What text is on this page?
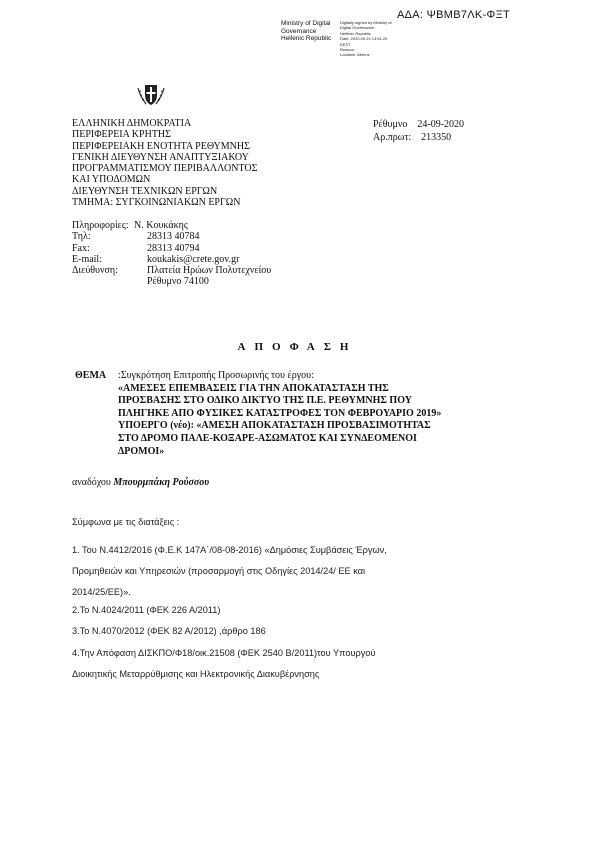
ΑΔΑ: ΨΒΜΒ7ΛΚ-ΦΞΤ
Ministry of Digital
Governance
Hellenic Republic
Digitally signed by Ministry of
Digital Governance,
Hellenic Republic
Date: 2020.09.24 13:51:20
EEST
Reason:
Location: Athens
ΕΛΛΗΝΙΚΗ ΔΗΜΟΚΡΑΤΙΑ
ΠΕΡΙΦΕΡΕΙΑ ΚΡΗΤΗΣ
ΠΕΡΙΦΕΡΕΙΑΚΗ ΕΝΟΤΗΤΑ ΡΕΘΥΜΝΗΣ
ΓΕΝΙΚΗ ΔΙΕΥΘΥΝΣΗ ΑΝΑΠΤΥΞΙΑΚΟΥ
ΠΡΟΓΡΑΜΜΑΤΙΣΜΟΥ ΠΕΡΙΒΑΛΛΟΝΤΟΣ
ΚΑΙ ΥΠΟΔΟΜΩΝ
ΔΙΕΥΘΥΝΣΗ ΤΕΧΝΙΚΩΝ ΕΡΓΩΝ
ΤΜΗΜΑ: ΣΥΓΚΟΙΝΩΝΙΑΚΩΝ ΕΡΓΩΝ
Πληροφορίες: Ν. Κουκάκης
Τηλ:	28313 40784
Fax:	28313 40794
E-mail:	koukakis@crete.gov.gr
Διεύθυνση:	Πλατεία Ηρώων Πολυτεχνείου
Ρέθυμνο 74100
Ρέθυμνο 24-09-2020
Αρ.πρωτ: 213350
ΑΠΟΦΑΣΗ
ΘΕΜΑ :Συγκρότηση Επιτροπής Προσωρινής του έργου:
«ΑΜΕΣΕΣ ΕΠΕΜΒΑΣΕΙΣ ΓΙΑ ΤΗΝ ΑΠΟΚΑΤΑΣΤΑΣΗ ΤΗΣ
ΠΡΟΣΒΑΣΗΣ ΣΤΟ ΟΔΙΚΟ ΔΙΚΤΥΟ ΤΗΣ Π.Ε. ΡΕΘΥΜΝΗΣ ΠΟΥ
ΠΛΗΓΗΚΕ ΑΠΟ ΦΥΣΙΚΕΣ ΚΑΤΑΣΤΡΟΦΕΣ ΤΟΝ ΦΕΒΡΟΥΑΡΙΟ 2019»
ΥΠΟΕΡΓΟ (νέο): «ΑΜΕΣΗ ΑΠΟΚΑΤΑΣΤΑΣΗ ΠΡΟΣΒΑΣΙΜΟΤΗΤΑΣ
ΣΤΟ ΔΡΟΜΟ ΠΑΛΕ-ΚΟΞΑΡΕ-ΑΣΩΜΑΤΟΣ ΚΑΙ ΣΥΝΔΕΟΜΕΝΟΙ
ΔΡΟΜΟΙ»
αναδόχου Μπουρμπάκη Ρούσσου
Σύμφωνα με τις διατάξεις :
1. Του Ν.4412/2016 (Φ.Ε.Κ 147Α΄/08-08-2016) «Δημόσιες Συμβάσεις Έργων,
Προμηθειών και Υπηρεσιών (προσαρμογή στις Οδηγίες 2014/24/ ΕΕ και
2014/25/ΕΕ)».
2.Το Ν.4024/2011 (ΦΕΚ 226 Α/2011)
3.Το Ν.4070/2012 (ΦΕΚ 82 Α/2012) ,άρθρο 186
4.Την Απόφαση ΔΙΣΚΠΟ/Φ18/οικ.21508 (ΦΕΚ 2540 Β/2011)του Υπουργού
Διοικητικής Μεταρρύθμισης και Ηλεκτρονικής Διακυβέρνησης
